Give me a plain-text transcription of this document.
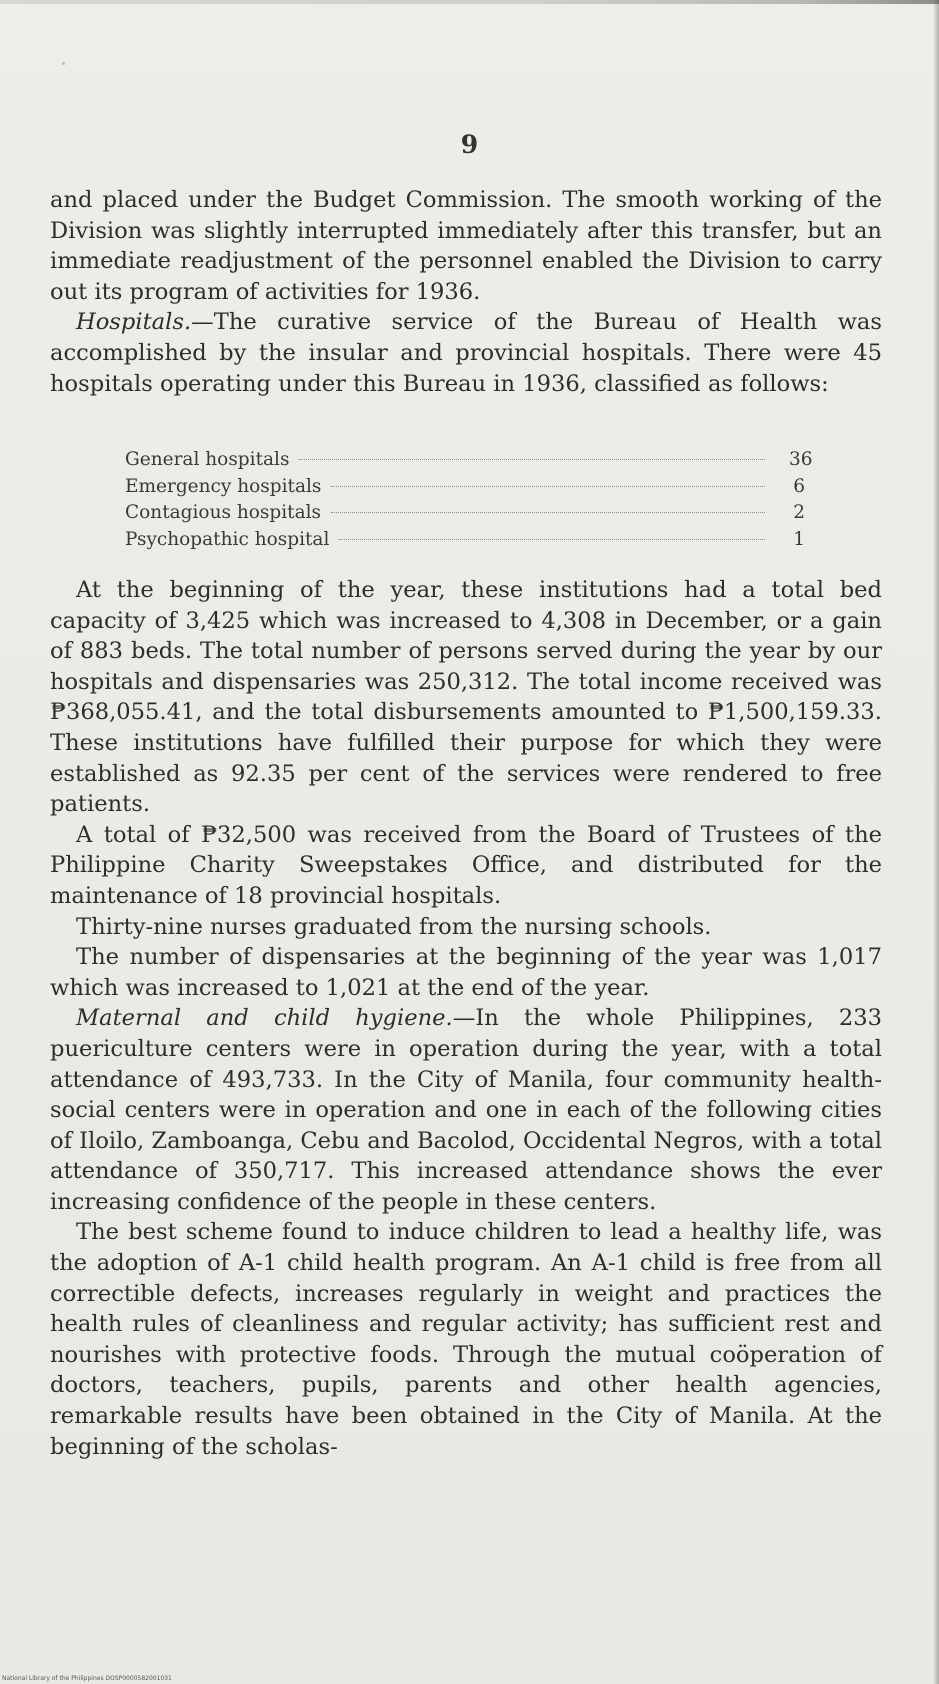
9

and placed under the Budget Commission. The smooth working of the Division was slightly interrupted immediately after this transfer, but an immediate readjustment of the personnel enabled the Division to carry out its program of activities for 1936.

Hospitals.—The curative service of the Bureau of Health was accomplished by the insular and provincial hospitals. There were 45 hospitals operating under this Bureau in 1936, classified as follows:

General hospitals	36
Emergency hospitals	6
Contagious hospitals	2
Psychopathic hospital	1

At the beginning of the year, these institutions had a total bed capacity of 3,425 which was increased to 4,308 in December, or a gain of 883 beds. The total number of persons served during the year by our hospitals and dispensaries was 250,312. The total income received was ₱368,055.41, and the total disbursements amounted to ₱1,500,159.33. These institutions have fulfilled their purpose for which they were established as 92.35 per cent of the services were rendered to free patients.

A total of ₱32,500 was received from the Board of Trustees of the Philippine Charity Sweepstakes Office, and distributed for the maintenance of 18 provincial hospitals.

Thirty-nine nurses graduated from the nursing schools.

The number of dispensaries at the beginning of the year was 1,017 which was increased to 1,021 at the end of the year.

Maternal and child hygiene.—In the whole Philippines, 233 puericulture centers were in operation during the year, with a total attendance of 493,733. In the City of Manila, four community health-social centers were in operation and one in each of the following cities of Iloilo, Zamboanga, Cebu and Bacolod, Occidental Negros, with a total attendance of 350,717. This increased attendance shows the ever increasing confidence of the people in these centers.

The best scheme found to induce children to lead a healthy life, was the adoption of A-1 child health program. An A-1 child is free from all correctible defects, increases regularly in weight and practices the health rules of cleanliness and regular activity; has sufficient rest and nourishes with protective foods. Through the mutual coöperation of doctors, teachers, pupils, parents and other health agencies, remarkable results have been obtained in the City of Manila. At the beginning of the scholas-

National Library of the Philippines DOSP0000582001031
